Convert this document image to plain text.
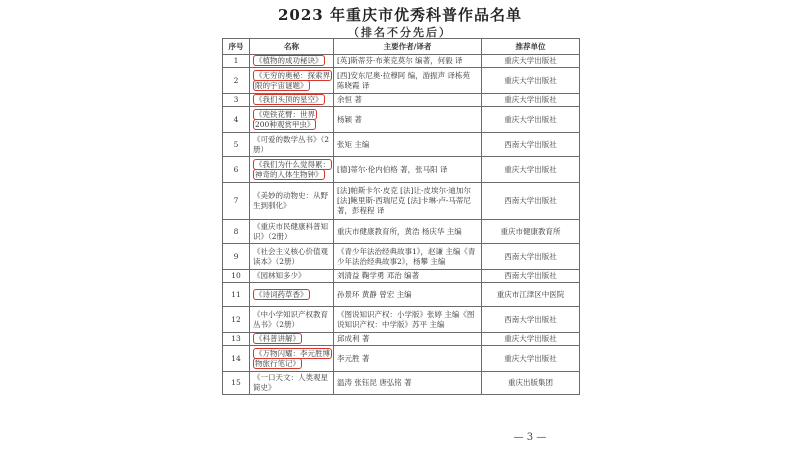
2023 年重庆市优秀科普作品名单
（排名不分先后）
序号	名称	主要作者/译者	推荐单位
1	《植物的成功秘诀》	[英]斯蒂芬·布莱克莫尔 编著，何毅 译	重庆大学出版社
2	《无穷的奥秘：探索界限的宇宙谜题》	[西]安东尼奥·拉穆阿 编，游振声 译栋苑 陈晓霞 译	重庆大学出版社
3	《我们头顶的星空》	余恒 著	重庆大学出版社
4	《兜铁花臂：世界 200种观赏甲虫》	杨颖 著	重庆大学出版社
5	《可爱的数学丛书》（2册）	张矩 主编	西南大学出版社
6	《我们为什么觉得累：神奇的人体生物钟》	[德]蒂尔·伦内伯格 著，张马阳 译	重庆大学出版社
7	《美妙的动物史：从野生到驯化》	[法]帕斯卡尔·皮克 [法]让-皮埃尔·迪加尔[法]鲍里斯·西瑞尼克 [法]卡琳·卢-马蒂尼著，彭程程 译	西南大学出版社
8	《重庆市民健康科普知识》（2册）	重庆市健康教育所，黄浩 杨庆华 主编	重庆市健康教育所
9	《社会主义核心价值观读本》（2册）	《青少年法治经典故事1》，赵谦 主编《青少年法治经典故事2》，杨攀 主编	西南大学出版社
10	《园林知多少》	刘清益 鞠学勇 邓治 编著	西南大学出版社
11	《诗词药草香》	孙景环 黄静 曾宏 主编	重庆市江津区中医院
12	《中小学知识产权教育丛书》（2册）	《图说知识产权：小学版》张婷 主编《图说知识产权：中学版》苏平 主编	西南大学出版社
13	《科普讲解》	邱成利 著	重庆大学出版社
14	《万物闪耀：李元胜博物旅行笔记》	李元胜 著	重庆大学出版社
15	《一口天文：人类观星简史》	温涛 张钰昆 唐弘铭 著	重庆出版集团
— 3 —
